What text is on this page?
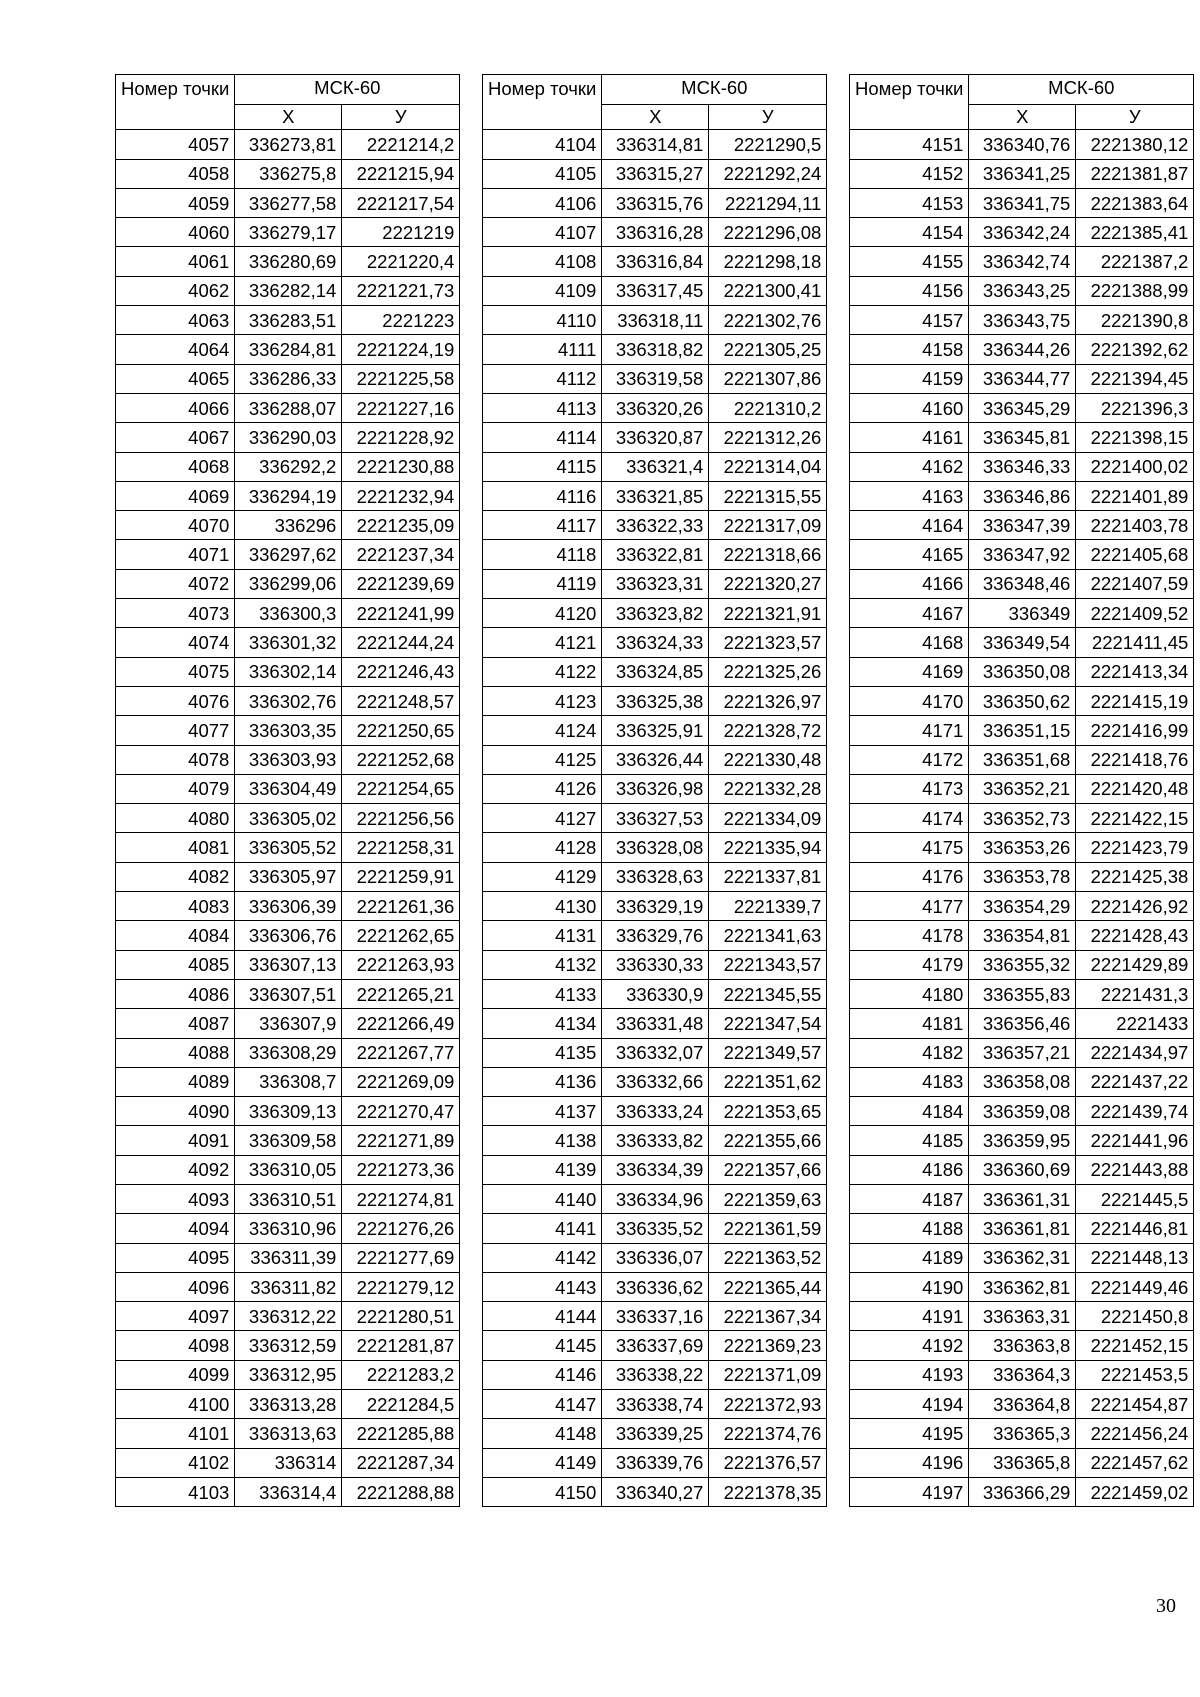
Номер точки	МСК-60	
	Х	У
4057	336273,81	2221214,2
4058	336275,8	2221215,94
4059	336277,58	2221217,54
4060	336279,17	2221219
4061	336280,69	2221220,4
4062	336282,14	2221221,73
4063	336283,51	2221223
4064	336284,81	2221224,19
4065	336286,33	2221225,58
4066	336288,07	2221227,16
4067	336290,03	2221228,92
4068	336292,2	2221230,88
4069	336294,19	2221232,94
4070	336296	2221235,09
4071	336297,62	2221237,34
4072	336299,06	2221239,69
4073	336300,3	2221241,99
4074	336301,32	2221244,24
4075	336302,14	2221246,43
4076	336302,76	2221248,57
4077	336303,35	2221250,65
4078	336303,93	2221252,68
4079	336304,49	2221254,65
4080	336305,02	2221256,56
4081	336305,52	2221258,31
4082	336305,97	2221259,91
4083	336306,39	2221261,36
4084	336306,76	2221262,65
4085	336307,13	2221263,93
4086	336307,51	2221265,21
4087	336307,9	2221266,49
4088	336308,29	2221267,77
4089	336308,7	2221269,09
4090	336309,13	2221270,47
4091	336309,58	2221271,89
4092	336310,05	2221273,36
4093	336310,51	2221274,81
4094	336310,96	2221276,26
4095	336311,39	2221277,69
4096	336311,82	2221279,12
4097	336312,22	2221280,51
4098	336312,59	2221281,87
4099	336312,95	2221283,2
4100	336313,28	2221284,5
4101	336313,63	2221285,88
4102	336314	2221287,34
4103	336314,4	2221288,88
Номер точки	МСК-60	
	Х	У
4104	336314,81	2221290,5
4105	336315,27	2221292,24
4106	336315,76	2221294,11
4107	336316,28	2221296,08
4108	336316,84	2221298,18
4109	336317,45	2221300,41
4110	336318,11	2221302,76
4111	336318,82	2221305,25
4112	336319,58	2221307,86
4113	336320,26	2221310,2
4114	336320,87	2221312,26
4115	336321,4	2221314,04
4116	336321,85	2221315,55
4117	336322,33	2221317,09
4118	336322,81	2221318,66
4119	336323,31	2221320,27
4120	336323,82	2221321,91
4121	336324,33	2221323,57
4122	336324,85	2221325,26
4123	336325,38	2221326,97
4124	336325,91	2221328,72
4125	336326,44	2221330,48
4126	336326,98	2221332,28
4127	336327,53	2221334,09
4128	336328,08	2221335,94
4129	336328,63	2221337,81
4130	336329,19	2221339,7
4131	336329,76	2221341,63
4132	336330,33	2221343,57
4133	336330,9	2221345,55
4134	336331,48	2221347,54
4135	336332,07	2221349,57
4136	336332,66	2221351,62
4137	336333,24	2221353,65
4138	336333,82	2221355,66
4139	336334,39	2221357,66
4140	336334,96	2221359,63
4141	336335,52	2221361,59
4142	336336,07	2221363,52
4143	336336,62	2221365,44
4144	336337,16	2221367,34
4145	336337,69	2221369,23
4146	336338,22	2221371,09
4147	336338,74	2221372,93
4148	336339,25	2221374,76
4149	336339,76	2221376,57
4150	336340,27	2221378,35
Номер точки	МСК-60	
	Х	У
4151	336340,76	2221380,12
4152	336341,25	2221381,87
4153	336341,75	2221383,64
4154	336342,24	2221385,41
4155	336342,74	2221387,2
4156	336343,25	2221388,99
4157	336343,75	2221390,8
4158	336344,26	2221392,62
4159	336344,77	2221394,45
4160	336345,29	2221396,3
4161	336345,81	2221398,15
4162	336346,33	2221400,02
4163	336346,86	2221401,89
4164	336347,39	2221403,78
4165	336347,92	2221405,68
4166	336348,46	2221407,59
4167	336349	2221409,52
4168	336349,54	2221411,45
4169	336350,08	2221413,34
4170	336350,62	2221415,19
4171	336351,15	2221416,99
4172	336351,68	2221418,76
4173	336352,21	2221420,48
4174	336352,73	2221422,15
4175	336353,26	2221423,79
4176	336353,78	2221425,38
4177	336354,29	2221426,92
4178	336354,81	2221428,43
4179	336355,32	2221429,89
4180	336355,83	2221431,3
4181	336356,46	2221433
4182	336357,21	2221434,97
4183	336358,08	2221437,22
4184	336359,08	2221439,74
4185	336359,95	2221441,96
4186	336360,69	2221443,88
4187	336361,31	2221445,5
4188	336361,81	2221446,81
4189	336362,31	2221448,13
4190	336362,81	2221449,46
4191	336363,31	2221450,8
4192	336363,8	2221452,15
4193	336364,3	2221453,5
4194	336364,8	2221454,87
4195	336365,3	2221456,24
4196	336365,8	2221457,62
4197	336366,29	2221459,02
30
